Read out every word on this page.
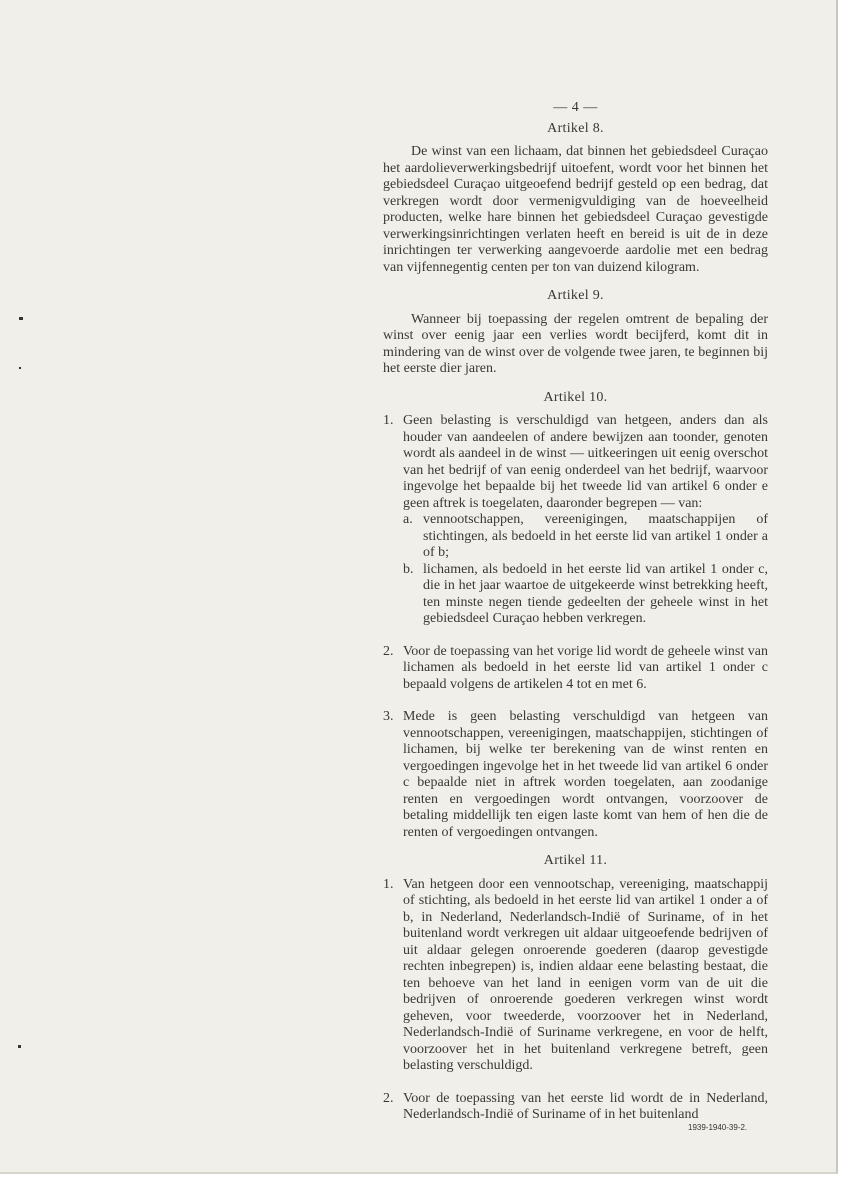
— 4 —
Artikel 8.

De winst van een lichaam, dat binnen het gebiedsdeel Curaçao het aardolieverwerkingsbedrijf uitoefent, wordt voor het binnen het gebiedsdeel Curaçao uitgeoefend bedrijf gesteld op een bedrag, dat verkregen wordt door vermenigvuldiging van de hoeveelheid producten, welke hare binnen het gebiedsdeel Curaçao gevestigde verwerkingsinrichtingen verlaten heeft en bereid is uit de in deze inrichtingen ter verwerking aangevoerde aardolie met een bedrag van vijfennegentig centen per ton van duizend kilogram.

Artikel 9.

Wanneer bij toepassing der regelen omtrent de bepaling der winst over eenig jaar een verlies wordt becijferd, komt dit in mindering van de winst over de volgende twee jaren, te beginnen bij het eerste dier jaren.

Artikel 10.
1. Geen belasting is verschuldigd van hetgeen, anders dan als houder van aandeelen of andere bewijzen aan toonder, genoten wordt als aandeel in de winst — uitkeeringen uit eenig overschot van het bedrijf of van eenig onderdeel van het bedrijf, waarvoor ingevolge het bepaalde bij het tweede lid van artikel 6 onder e geen aftrek is toegelaten, daaronder begrepen — van:
a. vennootschappen, vereenigingen, maatschappijen of stichtingen, als bedoeld in het eerste lid van artikel 1 onder a of b;
b. lichamen, als bedoeld in het eerste lid van artikel 1 onder c, die in het jaar waartoe de uitgekeerde winst betrekking heeft, ten minste negen tiende gedeelten der geheele winst in het gebiedsdeel Curaçao hebben verkregen.
2. Voor de toepassing van het vorige lid wordt de geheele winst van lichamen als bedoeld in het eerste lid van artikel 1 onder c bepaald volgens de artikelen 4 tot en met 6.
3. Mede is geen belasting verschuldigd van hetgeen van vennootschappen, vereenigingen, maatschappijen, stichtingen of lichamen, bij welke ter berekening van de winst renten en vergoedingen ingevolge het in het tweede lid van artikel 6 onder c bepaalde niet in aftrek worden toegelaten, aan zoodanige renten en vergoedingen wordt ontvangen, voorzoover de betaling middellijk ten eigen laste komt van hem of hen die de renten of vergoedingen ontvangen.
Artikel 11.
1. Van hetgeen door een vennootschap, vereeniging, maatschappij of stichting, als bedoeld in het eerste lid van artikel 1 onder a of b, in Nederland, Nederlandsch-Indië of Suriname, of in het buitenland wordt verkregen uit aldaar uitgeoefende bedrijven of uit aldaar gelegen onroerende goederen (daarop gevestigde rechten inbegrepen) is, indien aldaar eene belasting bestaat, die ten behoeve van het land in eenigen vorm van de uit die bedrijven of onroerende goederen verkregen winst wordt geheven, voor tweederde, voorzoover het in Nederland, Nederlandsch-Indië of Suriname verkregene, en voor de helft, voorzoover het in het buitenland verkregene betreft, geen belasting verschuldigd.
2. Voor de toepassing van het eerste lid wordt de in Nederland, Nederlandsch-Indië of Suriname of in het buitenland
1939-1940-39-2.
